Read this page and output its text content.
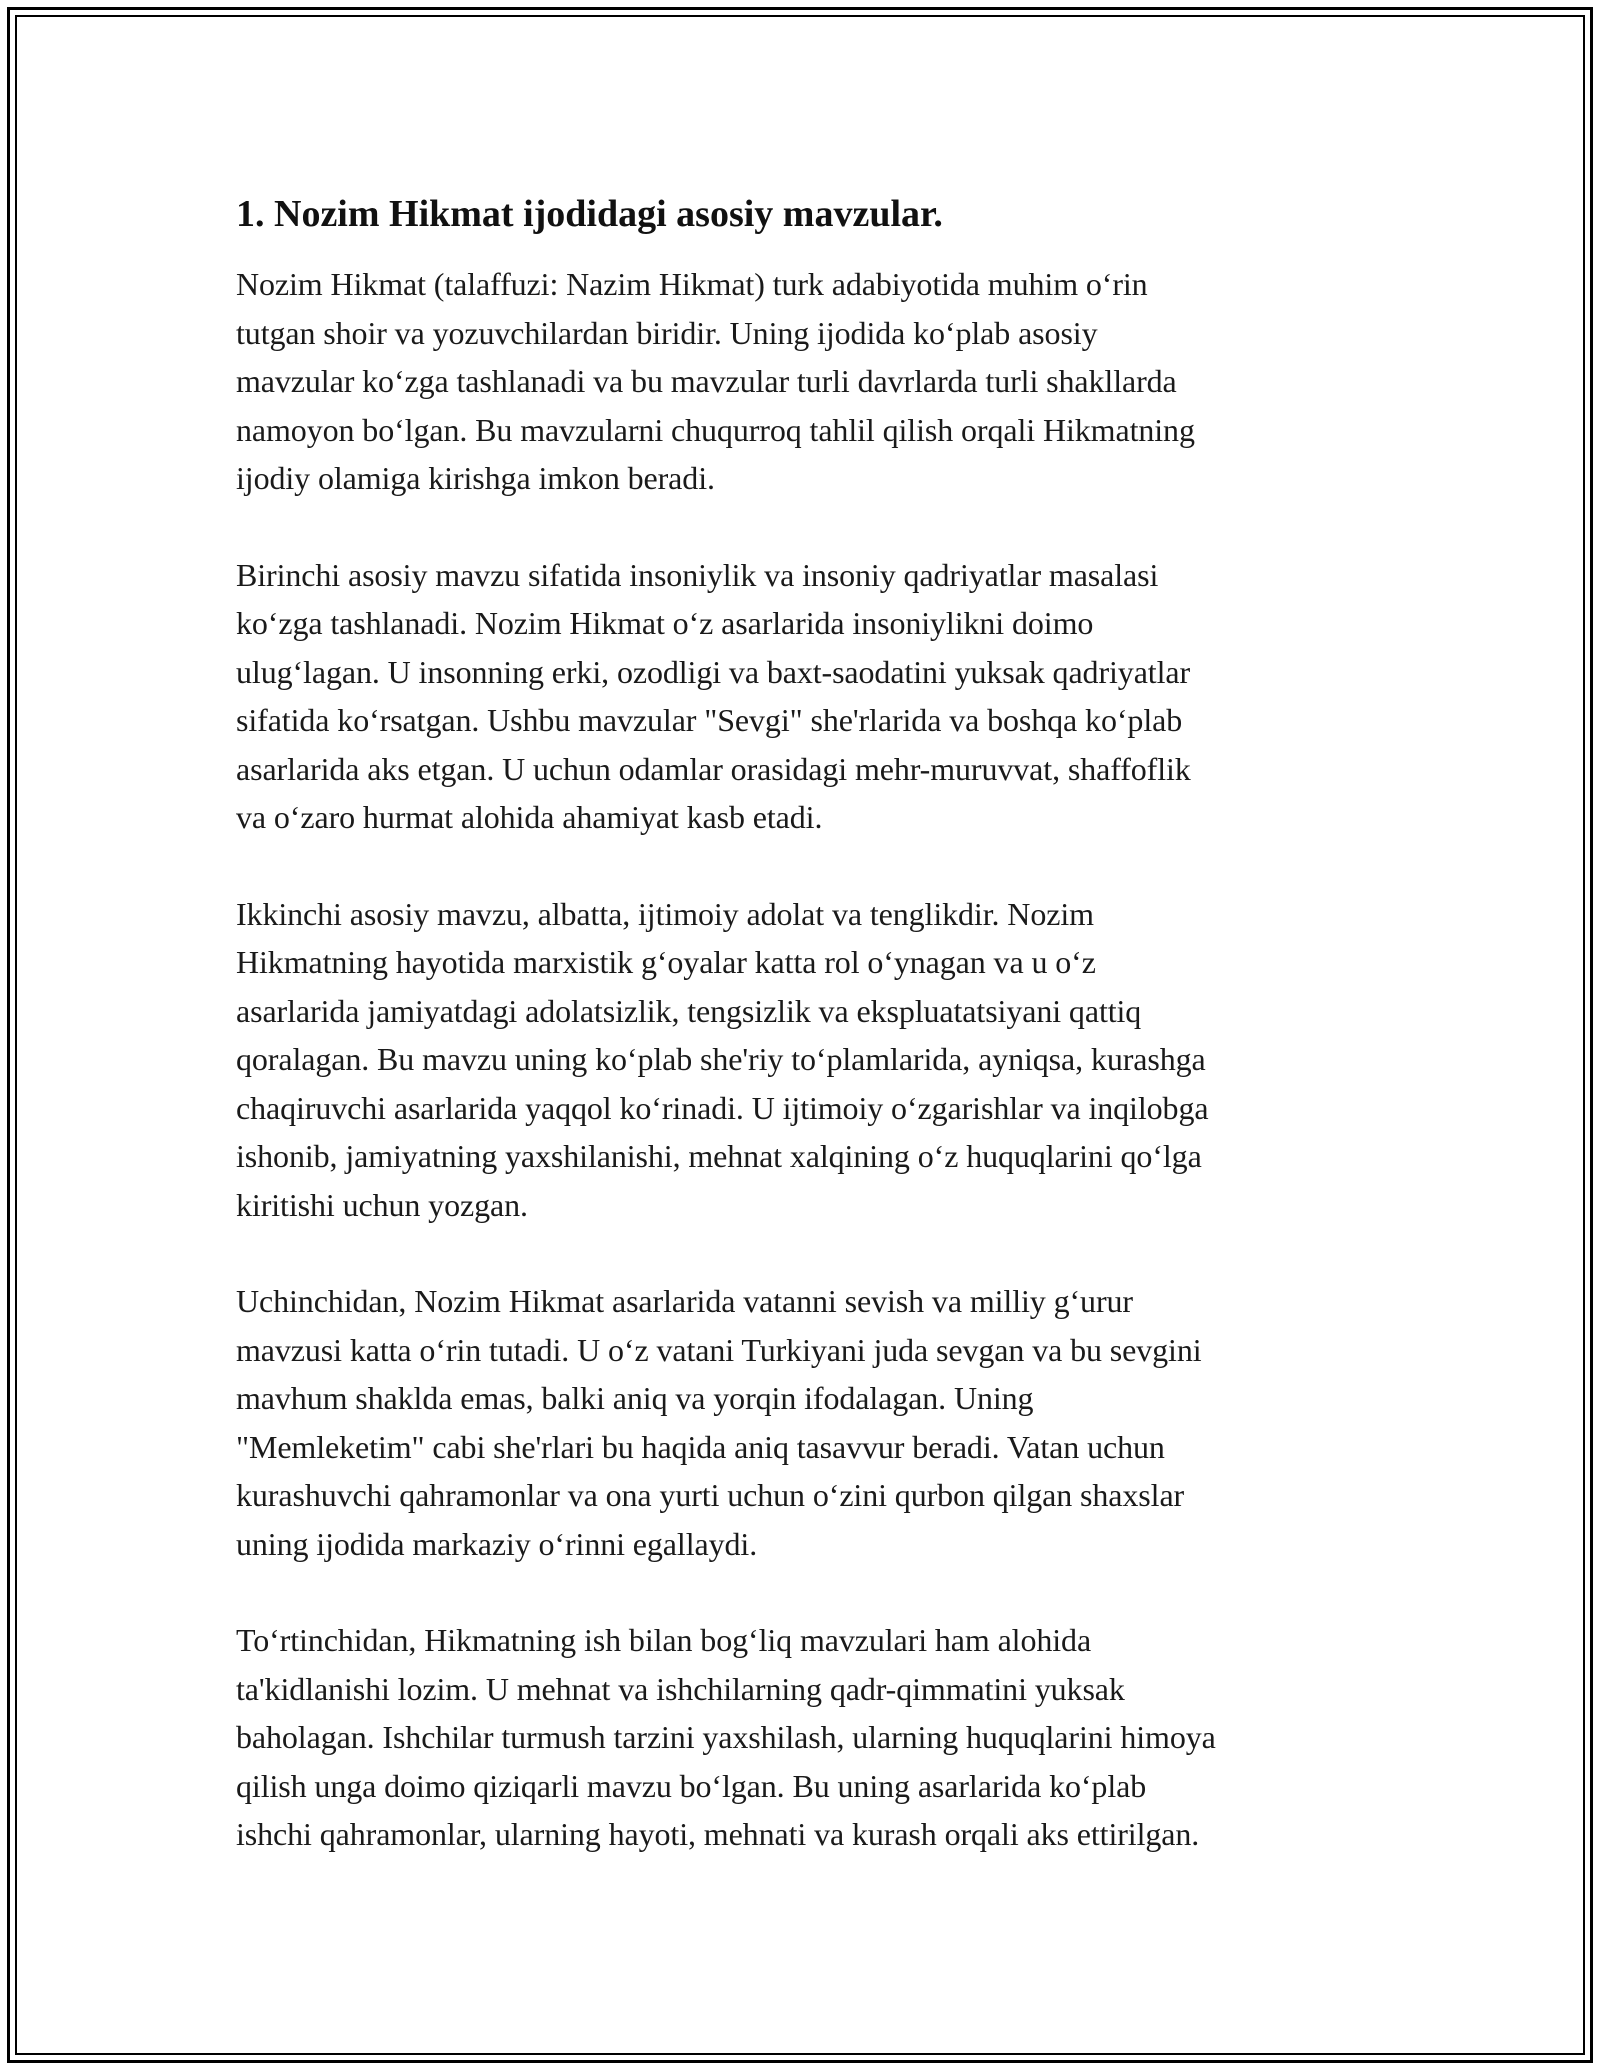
1. Nozim Hikmat ijodidagi asosiy mavzular.

Nozim Hikmat (talaffuzi: Nazim Hikmat) turk adabiyotida muhim o‘rin
tutgan shoir va yozuvchilardan biridir. Uning ijodida ko‘plab asosiy
mavzular ko‘zga tashlanadi va bu mavzular turli davrlarda turli shakllarda
namoyon bo‘lgan. Bu mavzularni chuqurroq tahlil qilish orqali Hikmatning
ijodiy olamiga kirishga imkon beradi.

Birinchi asosiy mavzu sifatida insoniylik va insoniy qadriyatlar masalasi
ko‘zga tashlanadi. Nozim Hikmat o‘z asarlarida insoniylikni doimo
ulug‘lagan. U insonning erki, ozodligi va baxt-saodatini yuksak qadriyatlar
sifatida ko‘rsatgan. Ushbu mavzular "Sevgi" she'rlarida va boshqa ko‘plab
asarlarida aks etgan. U uchun odamlar orasidagi mehr-muruvvat, shaffoflik
va o‘zaro hurmat alohida ahamiyat kasb etadi.

Ikkinchi asosiy mavzu, albatta, ijtimoiy adolat va tenglikdir. Nozim
Hikmatning hayotida marxistik g‘oyalar katta rol o‘ynagan va u o‘z
asarlarida jamiyatdagi adolatsizlik, tengsizlik va ekspluatatsiyani qattiq
qoralagan. Bu mavzu uning ko‘plab she'riy to‘plamlarida, ayniqsa, kurashga
chaqiruvchi asarlarida yaqqol ko‘rinadi. U ijtimoiy o‘zgarishlar va inqilobga
ishonib, jamiyatning yaxshilanishi, mehnat xalqining o‘z huquqlarini qo‘lga
kiritishi uchun yozgan.

Uchinchidan, Nozim Hikmat asarlarida vatanni sevish va milliy g‘urur
mavzusi katta o‘rin tutadi. U o‘z vatani Turkiyani juda sevgan va bu sevgini
mavhum shaklda emas, balki aniq va yorqin ifodalagan. Uning
"Memleketim" cabi she'rlari bu haqida aniq tasavvur beradi. Vatan uchun
kurashuvchi qahramonlar va ona yurti uchun o‘zini qurbon qilgan shaxslar
uning ijodida markaziy o‘rinni egallaydi.

To‘rtinchidan, Hikmatning ish bilan bog‘liq mavzulari ham alohida
ta'kidlanishi lozim. U mehnat va ishchilarning qadr-qimmatini yuksak
baholagan. Ishchilar turmush tarzini yaxshilash, ularning huquqlarini himoya
qilish unga doimo qiziqarli mavzu bo‘lgan. Bu uning asarlarida ko‘plab
ishchi qahramonlar, ularning hayoti, mehnati va kurash orqali aks ettirilgan.
